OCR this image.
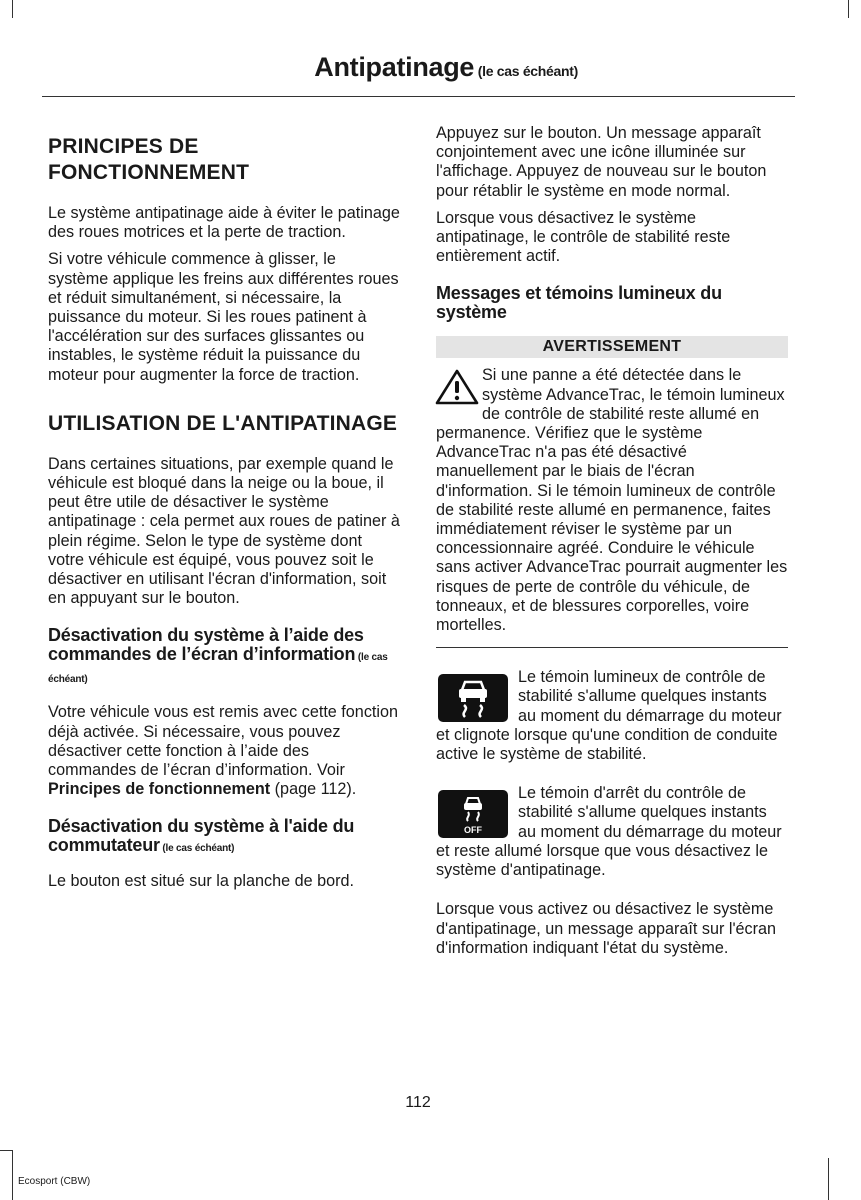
Antipatinage (le cas échéant)
PRINCIPES DE FONCTIONNEMENT

Le système antipatinage aide à éviter le patinage des roues motrices et la perte de traction.

Si votre véhicule commence à glisser, le système applique les freins aux différentes roues et réduit simultanément, si nécessaire, la puissance du moteur. Si les roues patinent à l'accélération sur des surfaces glissantes ou instables, le système réduit la puissance du moteur pour augmenter la force de traction.

UTILISATION DE L'ANTIPATINAGE

Dans certaines situations, par exemple quand le véhicule est bloqué dans la neige ou la boue, il peut être utile de désactiver le système antipatinage : cela permet aux roues de patiner à plein régime. Selon le type de système dont votre véhicule est équipé, vous pouvez soit le désactiver en utilisant l'écran d'information, soit en appuyant sur le bouton.

Désactivation du système à l’aide des commandes de l’écran d’information (le cas échéant)

Votre véhicule vous est remis avec cette fonction déjà activée. Si nécessaire, vous pouvez désactiver cette fonction à l’aide des commandes de l’écran d’information. Voir Principes de fonctionnement (page 112).

Désactivation du système à l'aide du commutateur (le cas échéant)

Le bouton est situé sur la planche de bord.

Appuyez sur le bouton. Un message apparaît conjointement avec une icône illuminée sur l'affichage. Appuyez de nouveau sur le bouton pour rétablir le système en mode normal.

Lorsque vous désactivez le système antipatinage, le contrôle de stabilité reste entièrement actif.

Messages et témoins lumineux du système
AVERTISSEMENT
Si une panne a été détectée dans le système AdvanceTrac, le témoin lumineux de contrôle de stabilité reste allumé en permanence. Vérifiez que le système AdvanceTrac n'a pas été désactivé manuellement par le biais de l'écran d'information. Si le témoin lumineux de contrôle de stabilité reste allumé en permanence, faites immédiatement réviser le système par un concessionnaire agréé. Conduire le véhicule sans activer AdvanceTrac pourrait augmenter les risques de perte de contrôle du véhicule, de tonneaux, et de blessures corporelles, voire mortelles.
Le témoin lumineux de contrôle de stabilité s'allume quelques instants au moment du démarrage du moteur et clignote lorsque qu'une condition de conduite active le système de stabilité.
OFF
Le témoin d'arrêt du contrôle de stabilité s'allume quelques instants au moment du démarrage du moteur et reste allumé lorsque que vous désactivez le système d'antipatinage.

Lorsque vous activez ou désactivez le système d'antipatinage, un message apparaît sur l'écran d'information indiquant l'état du système.

112
Ecosport (CBW)
